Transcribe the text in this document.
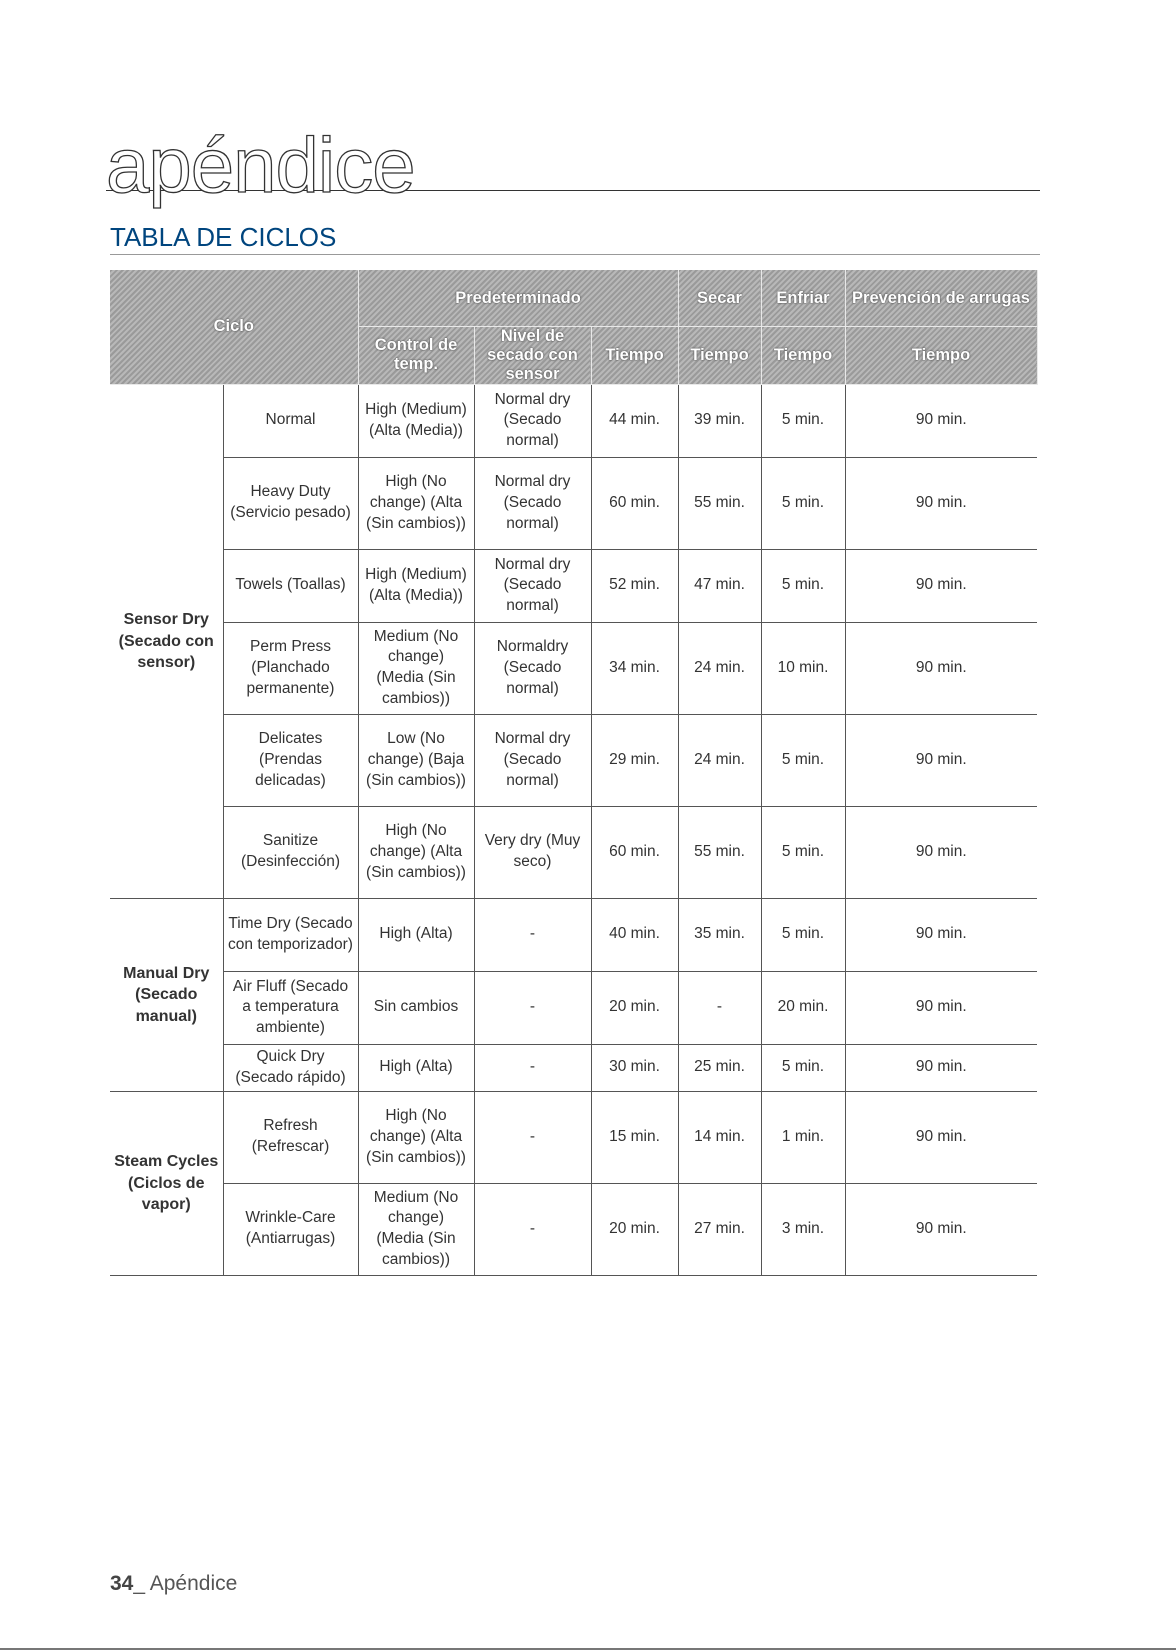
apéndice
TABLA DE CICLOS
Ciclo		Predeterminado			Secar	Enfriar	Prevención de arrugas
		Control de temp.	Nivel de secado con sensor	Tiempo	Tiempo	Tiempo	Tiempo
Sensor Dry (Secado con sensor)	Normal	High (Medium) (Alta (Media))	Normal dry (Secado normal)	44 min.	39 min.	5 min.	90 min.
	Heavy Duty (Servicio pesado)	High (No change) (Alta (Sin cambios))	Normal dry (Secado normal)	60 min.	55 min.	5 min.	90 min.
	Towels (Toallas)	High (Medium) (Alta (Media))	Normal dry (Secado normal)	52 min.	47 min.	5 min.	90 min.
	Perm Press (Planchado permanente)	Medium (No change) (Media (Sin cambios))	Normaldry (Secado normal)	34 min.	24 min.	10 min.	90 min.
	Delicates (Prendas delicadas)	Low (No change) (Baja (Sin cambios))	Normal dry (Secado normal)	29 min.	24 min.	5 min.	90 min.
	Sanitize (Desinfección)	High (No change) (Alta (Sin cambios))	Very dry (Muy seco)	60 min.	55 min.	5 min.	90 min.
Manual Dry (Secado manual)	Time Dry (Secado con temporizador)	High (Alta)	-	40 min.	35 min.	5 min.	90 min.
	Air Fluff (Secado a temperatura ambiente)	Sin cambios	-	20 min.	-	20 min.	90 min.
	Quick Dry (Secado rápido)	High (Alta)	-	30 min.	25 min.	5 min.	90 min.
Steam Cycles (Ciclos de vapor)	Refresh (Refrescar)	High (No change) (Alta (Sin cambios))	-	15 min.	14 min.	1 min.	90 min.
	Wrinkle-Care (Antiarrugas)	Medium (No change) (Media (Sin cambios))	-	20 min.	27 min.	3 min.	90 min.
34_ Apéndice
